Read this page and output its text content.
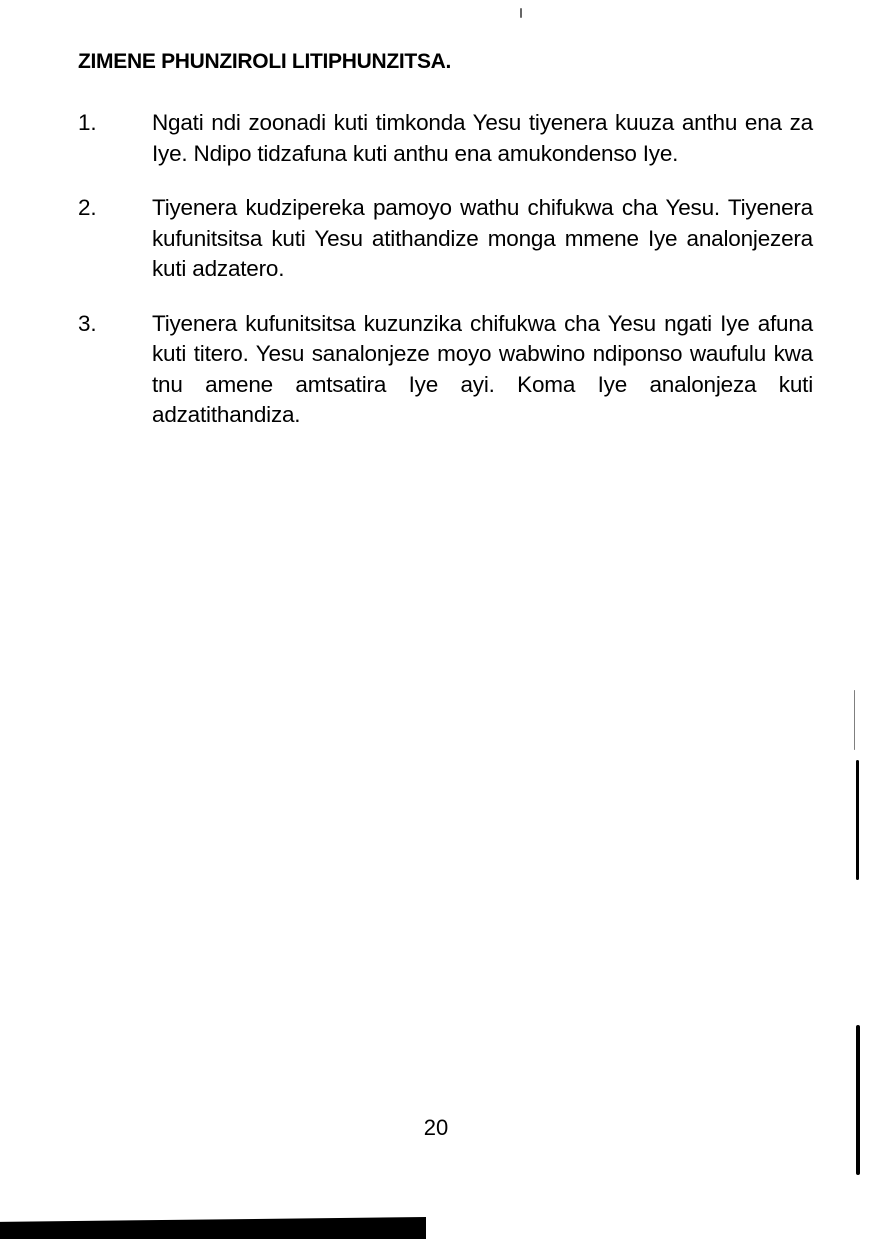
ZIMENE PHUNZIROLI LITIPHUNZITSA.
1. Ngati ndi zoonadi kuti timkonda Yesu tiyenera kuuza anthu ena za Iye. Ndipo tidzafuna kuti anthu ena amukondenso Iye.
2. Tiyenera kudzipereka pamoyo wathu chifukwa cha Yesu. Tiyenera kufunitsitsa kuti Yesu atithandize monga mmene Iye analonjezera kuti adzatero.
3. Tiyenera kufunitsitsa kuzunzika chifukwa cha Yesu ngati Iye afuna kuti titero. Yesu sanalonjeze moyo wabwino ndiponso waufulu kwa tnu amene amtsatira Iye ayi. Koma Iye analonjeza kuti adzatithandiza.
20
